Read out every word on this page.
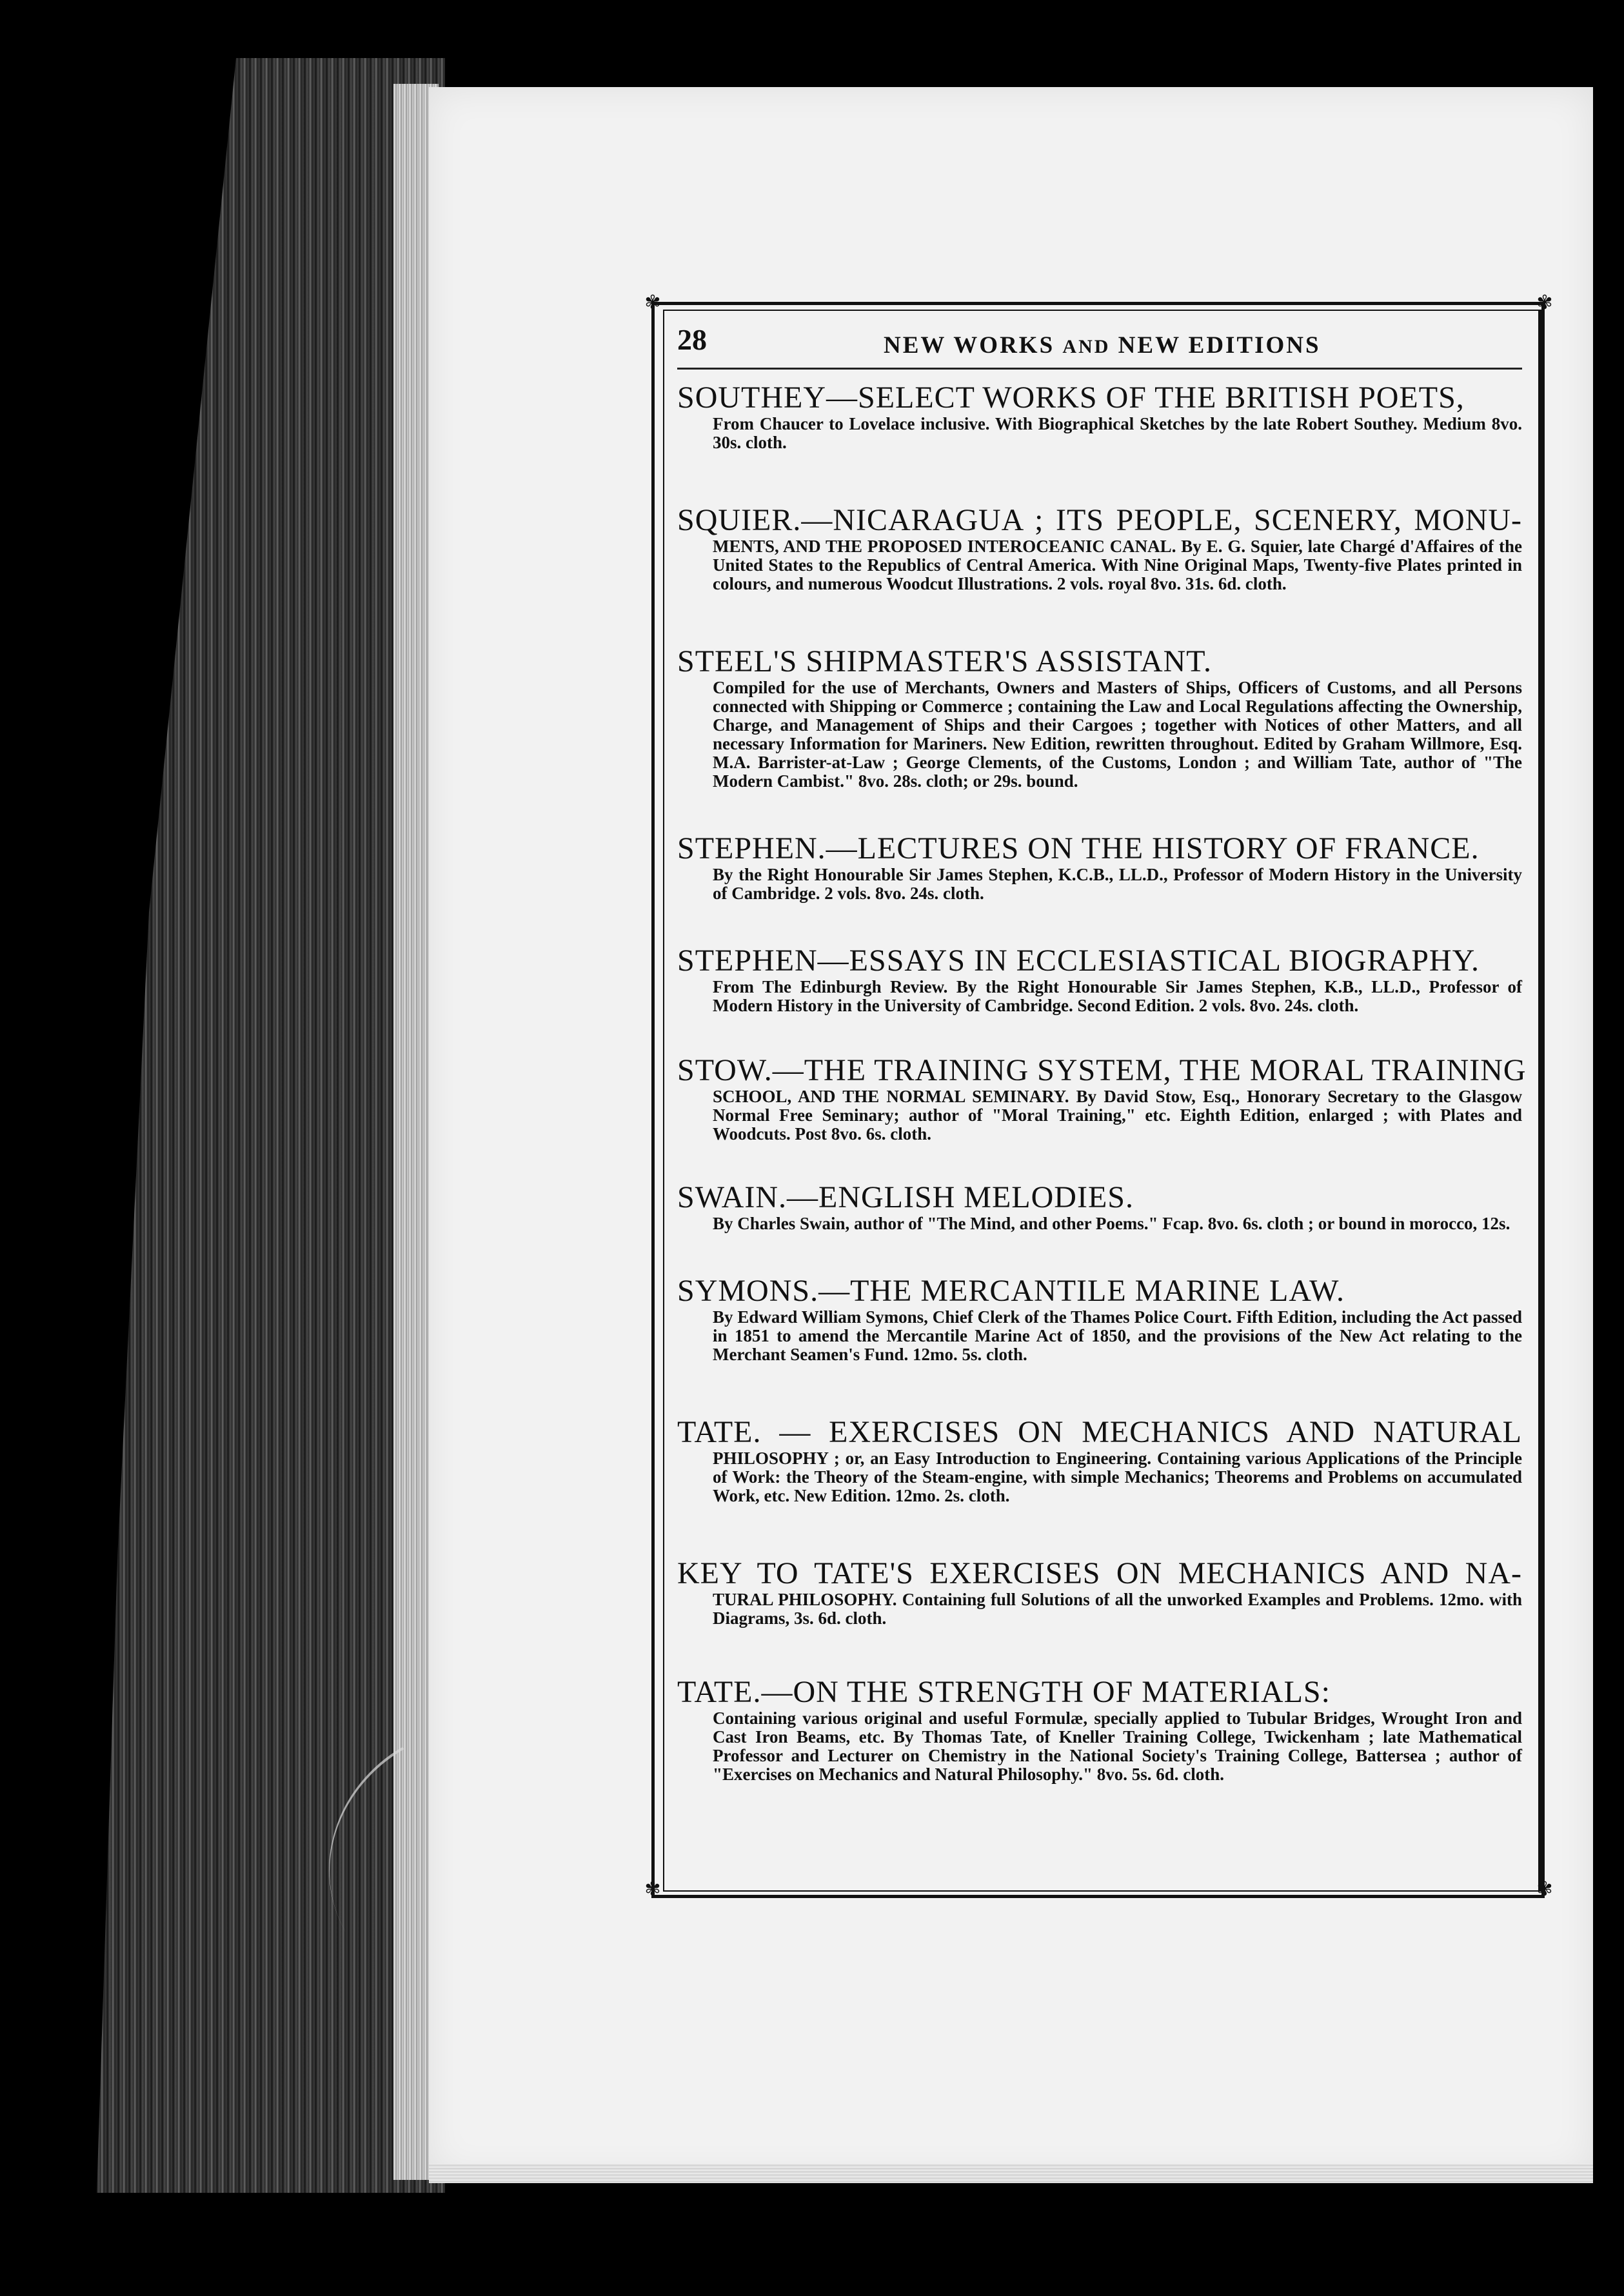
✾	✾
✾	✾
28	NEW WORKS AND NEW EDITIONS
SOUTHEY—SELECT WORKS OF THE BRITISH POETS,
From Chaucer to Lovelace inclusive. With Biographical Sketches by the late Robert Southey. Medium 8vo. 30s. cloth.
SQUIER.—NICARAGUA ; ITS PEOPLE, SCENERY, MONU-
MENTS, AND THE PROPOSED INTEROCEANIC CANAL. By E. G. Squier, late Chargé d'Affaires of the United States to the Republics of Central America. With Nine Original Maps, Twenty-five Plates printed in colours, and numerous Woodcut Illustrations. 2 vols. royal 8vo. 31s. 6d. cloth.
STEEL'S SHIPMASTER'S ASSISTANT.
Compiled for the use of Merchants, Owners and Masters of Ships, Officers of Customs, and all Persons connected with Shipping or Commerce ; containing the Law and Local Regulations affecting the Ownership, Charge, and Management of Ships and their Cargoes ; together with Notices of other Matters, and all necessary Information for Mariners. New Edition, rewritten throughout. Edited by Graham Willmore, Esq. M.A. Barrister-at-Law ; George Clements, of the Customs, London ; and William Tate, author of "The Modern Cambist." 8vo. 28s. cloth; or 29s. bound.
STEPHEN.—LECTURES ON THE HISTORY OF FRANCE.
By the Right Honourable Sir James Stephen, K.C.B., LL.D., Professor of Modern History in the University of Cambridge. 2 vols. 8vo. 24s. cloth.
STEPHEN—ESSAYS IN ECCLESIASTICAL BIOGRAPHY.
From The Edinburgh Review. By the Right Honourable Sir James Stephen, K.B., LL.D., Professor of Modern History in the University of Cambridge. Second Edition. 2 vols. 8vo. 24s. cloth.
STOW.—THE TRAINING SYSTEM, THE MORAL TRAINING
SCHOOL, AND THE NORMAL SEMINARY. By David Stow, Esq., Honorary Secretary to the Glasgow Normal Free Seminary; author of "Moral Training," etc. Eighth Edition, enlarged ; with Plates and Woodcuts. Post 8vo. 6s. cloth.
SWAIN.—ENGLISH MELODIES.
By Charles Swain, author of "The Mind, and other Poems." Fcap. 8vo. 6s. cloth ; or bound in morocco, 12s.
SYMONS.—THE MERCANTILE MARINE LAW.
By Edward William Symons, Chief Clerk of the Thames Police Court. Fifth Edition, including the Act passed in 1851 to amend the Mercantile Marine Act of 1850, and the provisions of the New Act relating to the Merchant Seamen's Fund. 12mo. 5s. cloth.
TATE. — EXERCISES ON MECHANICS AND NATURAL
PHILOSOPHY ; or, an Easy Introduction to Engineering. Containing various Applications of the Principle of Work: the Theory of the Steam-engine, with simple Mechanics; Theorems and Problems on accumulated Work, etc. New Edition. 12mo. 2s. cloth.
KEY TO TATE'S EXERCISES ON MECHANICS AND NA-
TURAL PHILOSOPHY. Containing full Solutions of all the unworked Examples and Problems. 12mo. with Diagrams, 3s. 6d. cloth.
TATE.—ON THE STRENGTH OF MATERIALS:
Containing various original and useful Formulæ, specially applied to Tubular Bridges, Wrought Iron and Cast Iron Beams, etc. By Thomas Tate, of Kneller Training College, Twickenham ; late Mathematical Professor and Lecturer on Chemistry in the National Society's Training College, Battersea ; author of "Exercises on Mechanics and Natural Philosophy." 8vo. 5s. 6d. cloth.
